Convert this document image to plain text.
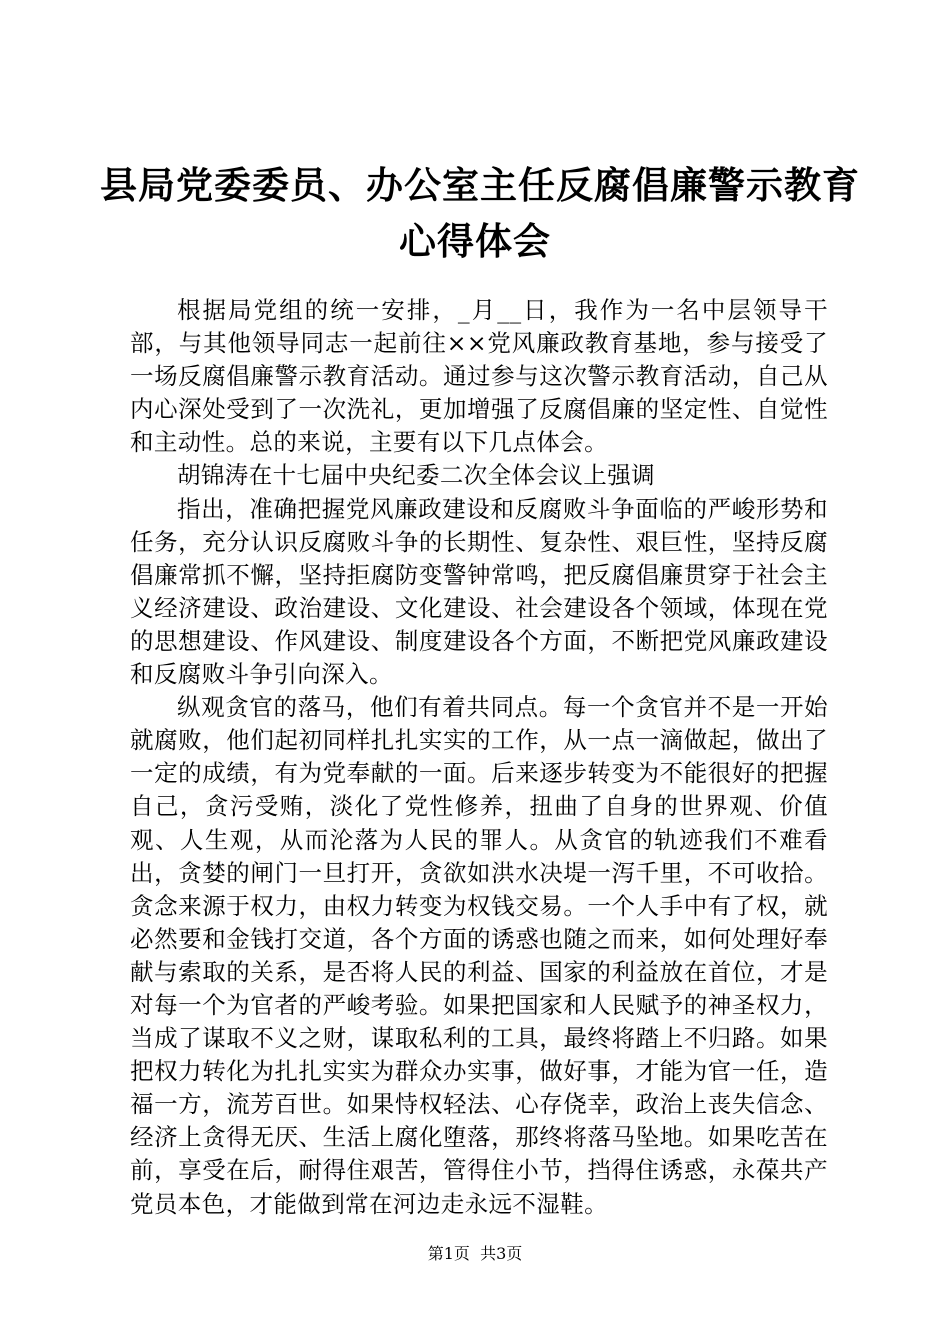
县局党委委员、办公室主任反腐倡廉警示教育
心得体会

根据局党组的统一安排，_月__日，我作为一名中层领导干部，与其他领导同志一起前往××党风廉政教育基地，参与接受了一场反腐倡廉警示教育活动。通过参与这次警示教育活动，自己从内心深处受到了一次洗礼，更加增强了反腐倡廉的坚定性、自觉性和主动性。总的来说，主要有以下几点体会。

胡锦涛在十七届中央纪委二次全体会议上强调

指出，准确把握党风廉政建设和反腐败斗争面临的严峻形势和任务，充分认识反腐败斗争的长期性、复杂性、艰巨性，坚持反腐倡廉常抓不懈，坚持拒腐防变警钟常鸣，把反腐倡廉贯穿于社会主义经济建设、政治建设、文化建设、社会建设各个领域，体现在党的思想建设、作风建设、制度建设各个方面，不断把党风廉政建设和反腐败斗争引向深入。

纵观贪官的落马，他们有着共同点。每一个贪官并不是一开始就腐败，他们起初同样扎扎实实的工作，从一点一滴做起，做出了一定的成绩，有为党奉献的一面。后来逐步转变为不能很好的把握自己，贪污受贿，淡化了党性修养，扭曲了自身的世界观、价值观、人生观，从而沦落为人民的罪人。从贪官的轨迹我们不难看出，贪婪的闸门一旦打开，贪欲如洪水决堤一泻千里，不可收拾。贪念来源于权力，由权力转变为权钱交易。一个人手中有了权，就必然要和金钱打交道，各个方面的诱惑也随之而来，如何处理好奉献与索取的关系，是否将人民的利益、国家的利益放在首位，才是对每一个为官者的严峻考验。如果把国家和人民赋予的神圣权力，当成了谋取不义之财，谋取私利的工具，最终将踏上不归路。如果把权力转化为扎扎实实为群众办实事，做好事，才能为官一任，造福一方，流芳百世。如果恃权轻法、心存侥幸，政治上丧失信念、经济上贪得无厌、生活上腐化堕落，那终将落马坠地。如果吃苦在前，享受在后，耐得住艰苦，管得住小节，挡得住诱惑，永葆共产党员本色，才能做到常在河边走永远不湿鞋。

第1页  共3页
